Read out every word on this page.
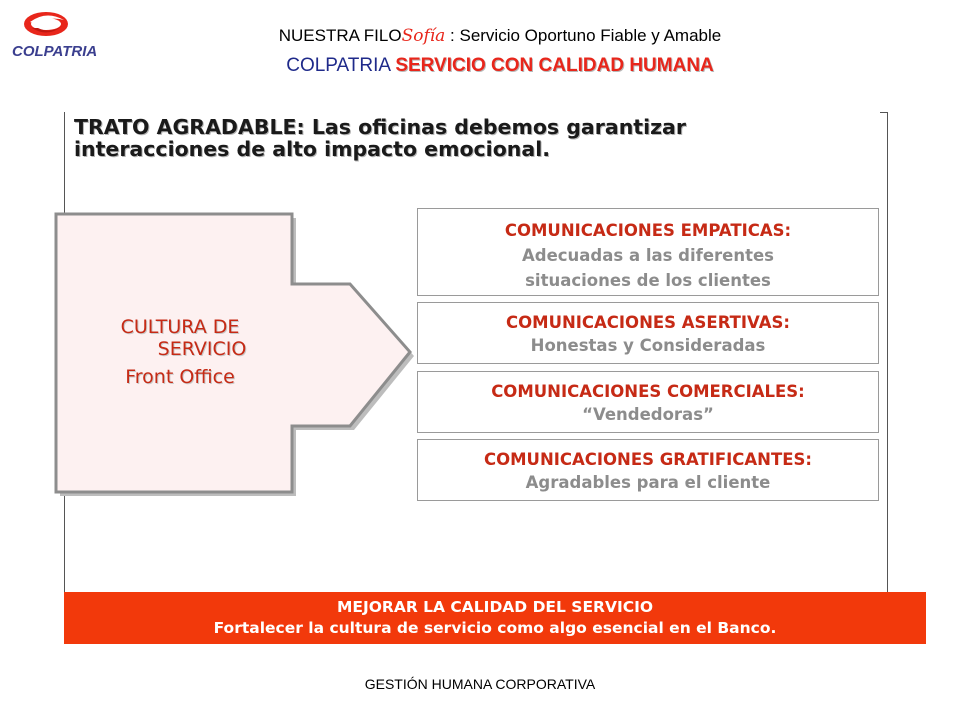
COLPATRIA
NUESTRA FILOSofía : Servicio Oportuno Fiable y Amable
COLPATRIA SERVICIO CON CALIDAD HUMANA
TRATO AGRADABLE: Las oficinas debemos garantizar
interacciones de alto impacto emocional.
CULTURA DE
SERVICIO
Front Office
COMUNICACIONES EMPATICAS:
Adecuadas a las diferentes
situaciones de los clientes
COMUNICACIONES ASERTIVAS:
Honestas y Consideradas
COMUNICACIONES COMERCIALES:
“Vendedoras”
COMUNICACIONES GRATIFICANTES:
Agradables para el cliente
MEJORAR LA CALIDAD DEL SERVICIO
Fortalecer la cultura de servicio como algo esencial en el Banco.
GESTIÓN HUMANA CORPORATIVA
